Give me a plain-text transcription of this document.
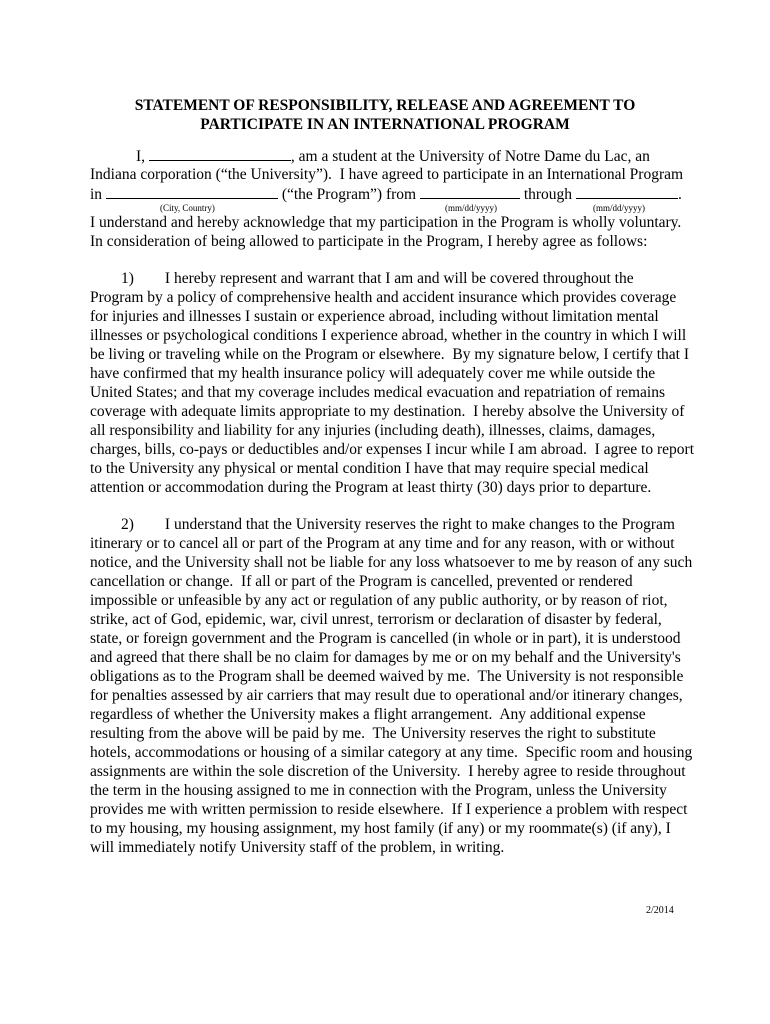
STATEMENT OF RESPONSIBILITY, RELEASE AND AGREEMENT TO
PARTICIPATE IN AN INTERNATIONAL PROGRAM
I,	, am a student at the University of Notre Dame du Lac, an
Indiana corporation (“the University”).  I have agreed to participate in an International Program
in	(“the Program”) from	through	.
(City, Country)	(mm/dd/yyyy)	(mm/dd/yyyy)
I understand and hereby acknowledge that my participation in the Program is wholly voluntary.
In consideration of being allowed to participate in the Program, I hereby agree as follows:
1)        I hereby represent and warrant that I am and will be covered throughout the
Program by a policy of comprehensive health and accident insurance which provides coverage
for injuries and illnesses I sustain or experience abroad, including without limitation mental
illnesses or psychological conditions I experience abroad, whether in the country in which I will
be living or traveling while on the Program or elsewhere.  By my signature below, I certify that I
have confirmed that my health insurance policy will adequately cover me while outside the
United States; and that my coverage includes medical evacuation and repatriation of remains
coverage with adequate limits appropriate to my destination.  I hereby absolve the University of
all responsibility and liability for any injuries (including death), illnesses, claims, damages,
charges, bills, co-pays or deductibles and/or expenses I incur while I am abroad.  I agree to report
to the University any physical or mental condition I have that may require special medical
attention or accommodation during the Program at least thirty (30) days prior to departure.
2)        I understand that the University reserves the right to make changes to the Program
itinerary or to cancel all or part of the Program at any time and for any reason, with or without
notice, and the University shall not be liable for any loss whatsoever to me by reason of any such
cancellation or change.  If all or part of the Program is cancelled, prevented or rendered
impossible or unfeasible by any act or regulation of any public authority, or by reason of riot,
strike, act of God, epidemic, war, civil unrest, terrorism or declaration of disaster by federal,
state, or foreign government and the Program is cancelled (in whole or in part), it is understood
and agreed that there shall be no claim for damages by me or on my behalf and the University's
obligations as to the Program shall be deemed waived by me.  The University is not responsible
for penalties assessed by air carriers that may result due to operational and/or itinerary changes,
regardless of whether the University makes a flight arrangement.  Any additional expense
resulting from the above will be paid by me.  The University reserves the right to substitute
hotels, accommodations or housing of a similar category at any time.  Specific room and housing
assignments are within the sole discretion of the University.  I hereby agree to reside throughout
the term in the housing assigned to me in connection with the Program, unless the University
provides me with written permission to reside elsewhere.  If I experience a problem with respect
to my housing, my housing assignment, my host family (if any) or my roommate(s) (if any), I
will immediately notify University staff of the problem, in writing.
2/2014
